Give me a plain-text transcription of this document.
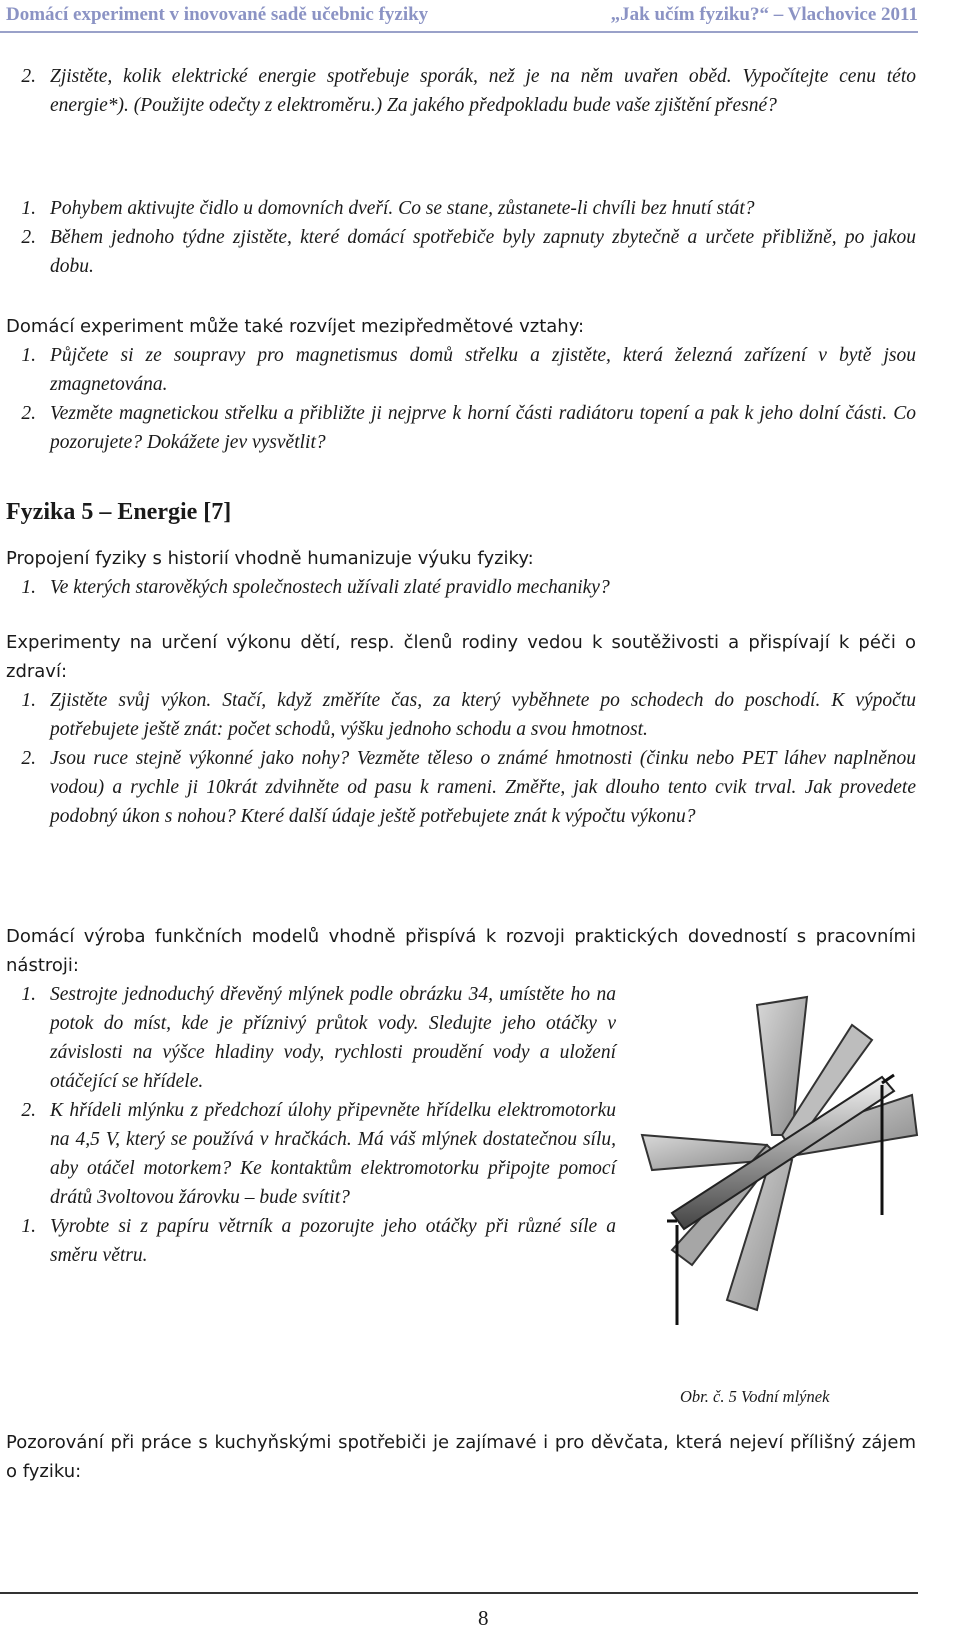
Domácí experiment v inovované sadě učebnic fyziky	„Jak učím fyziku?“ – Vlachovice 2011
2. Zjistěte, kolik elektrické energie spotřebuje sporák, než je na něm uvařen oběd. Vypočítejte cenu této energie*). (Použijte odečty z elektroměru.) Za jakého předpokladu bude vaše zjištění přesné?
1. Pohybem aktivujte čidlo u domovních dveří. Co se stane, zůstanete-li chvíli bez hnutí stát?
2. Během jednoho týdne zjistěte, které domácí spotřebiče byly zapnuty zbytečně a určete přibližně, po jakou dobu.
Domácí experiment může také rozvíjet mezipředmětové vztahy:
1. Půjčete si ze soupravy pro magnetismus domů střelku a zjistěte, která železná zařízení v bytě jsou zmagnetována.
2. Vezměte magnetickou střelku a přibližte ji nejprve k horní části radiátoru topení a pak k jeho dolní části. Co pozorujete? Dokážete jev vysvětlit?
Fyzika 5 – Energie [7]
Propojení fyziky s historií vhodně humanizuje výuku fyziky:
1. Ve kterých starověkých společnostech užívali zlaté pravidlo mechaniky?
Experimenty na určení výkonu dětí, resp. členů rodiny vedou k soutěživosti a přispívají k péči o zdraví:
1. Zjistěte svůj výkon. Stačí, když změříte čas, za který vyběhnete po schodech do poschodí. K výpočtu potřebujete ještě znát: počet schodů, výšku jednoho schodu a svou hmotnost.
2. Jsou ruce stejně výkonné jako nohy? Vezměte těleso o známé hmotnosti (činku nebo PET láhev naplněnou vodou) a rychle ji 10krát zdvihněte od pasu k rameni. Změřte, jak dlouho tento cvik trval. Jak provedete podobný úkon s nohou? Které další údaje ještě potřebujete znát k výpočtu výkonu?
Domácí výroba funkčních modelů vhodně přispívá k rozvoji praktických dovedností s pracovními nástroji:
1. Sestrojte jednoduchý dřevěný mlýnek podle obrázku 34, umístěte ho na potok do míst, kde je příznivý průtok vody. Sledujte jeho otáčky v závislosti na výšce hladiny vody, rychlosti proudění vody a uložení otáčející se hřídele.
2. K hřídeli mlýnku z předchozí úlohy připevněte hřídelku elektromotorku na 4,5 V, který se používá v hračkách. Má váš mlýnek dostatečnou sílu, aby otáčel motorkem? Ke kontaktům elektromotorku připojte pomocí drátů 3voltovou žárovku – bude svítit?
1. Vyrobte si z papíru větrník a pozorujte jeho otáčky při různé síle a směru větru.
Obr. č. 5 Vodní mlýnek
Pozorování při práce s kuchyňskými spotřebiči je zajímavé i pro děvčata, která nejeví přílišný zájem o fyziku:
8
